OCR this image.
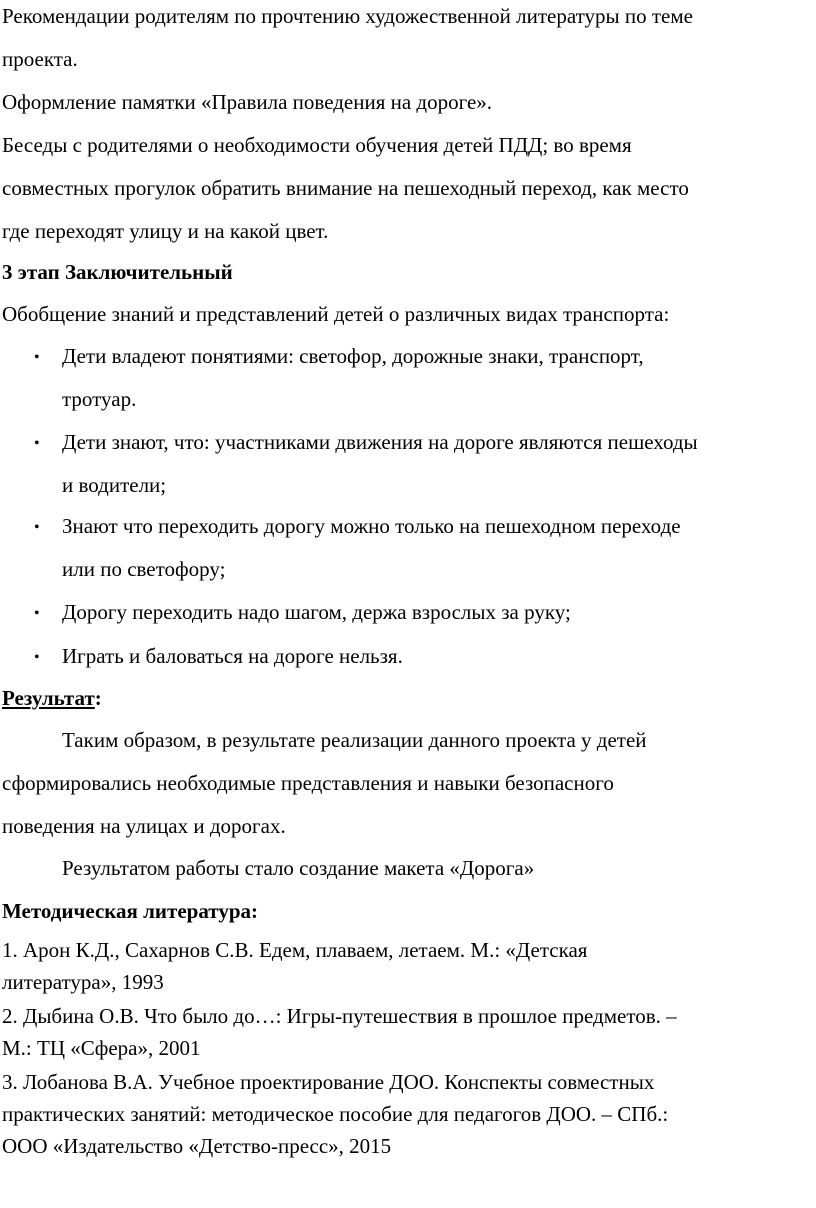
Рекомендации родителям по прочтению художественной литературы по теме
проекта.
Оформление памятки «Правила поведения на дороге».
Беседы с родителями о необходимости обучения детей ПДД; во время
совместных прогулок обратить внимание на пешеходный переход, как место
где переходят улицу и на какой цвет.
3 этап Заключительный
Обобщение знаний и представлений детей о различных видах транспорта:
• Дети владеют понятиями: светофор, дорожные знаки, транспорт,
тротуар.
• Дети знают, что: участниками движения на дороге являются пешеходы
и водители;
• Знают что переходить дорогу можно только на пешеходном переходе
или по светофору;
• Дорогу переходить надо шагом, держа взрослых за руку;
• Играть и баловаться на дороге нельзя.
Результат:
Таким образом, в результате реализации данного проекта у детей
сформировались необходимые представления и навыки безопасного
поведения на улицах и дорогах.
Результатом работы стало создание макета «Дорога»
Методическая литература:
1. Арон К.Д., Сахарнов С.В. Едем, плаваем, летаем. М.: «Детская
литература», 1993
2. Дыбина О.В. Что было до…: Игры-путешествия в прошлое предметов. –
М.: ТЦ «Сфера», 2001
3. Лобанова В.А. Учебное проектирование ДОО. Конспекты совместных
практических занятий: методическое пособие для педагогов ДОО. – СПб.:
ООО «Издательство «Детство-пресс», 2015
